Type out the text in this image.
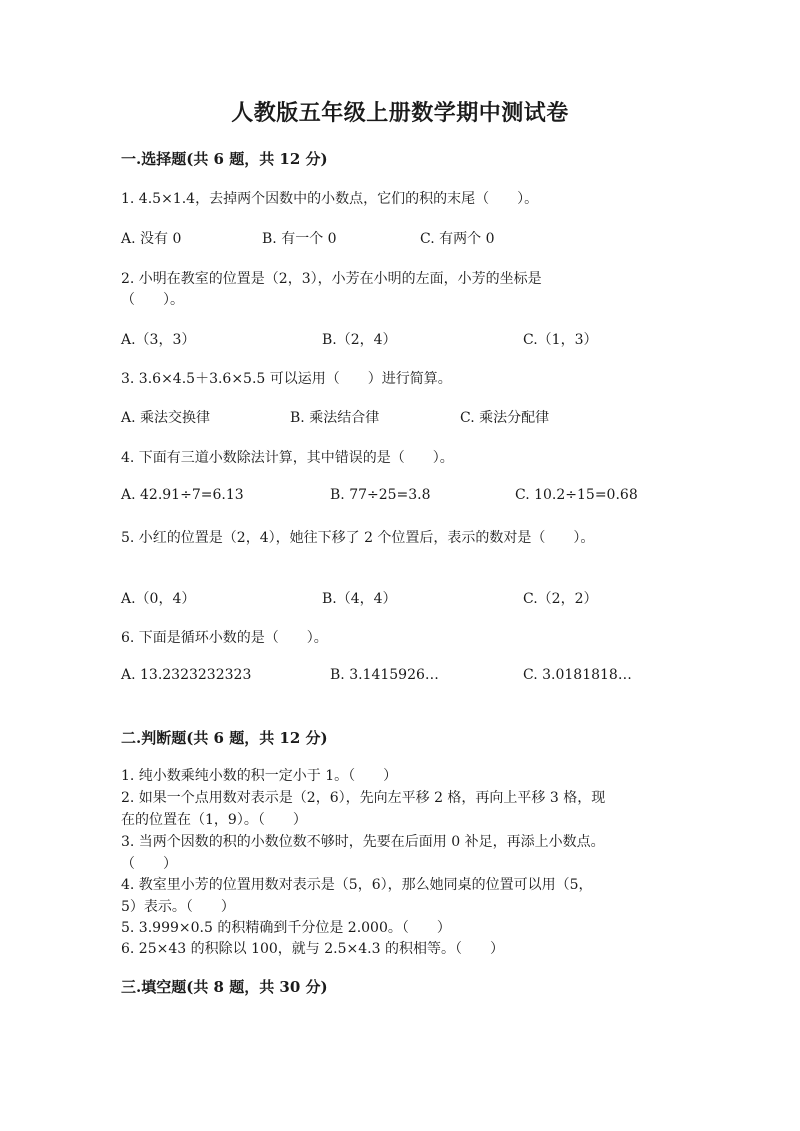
人教版五年级上册数学期中测试卷
一.选择题(共 6 题，共 12 分)
1. 4.5×1.4，去掉两个因数中的小数点，它们的积的末尾（　　）。
A. 没有 0	B. 有一个 0	C. 有两个 0
2. 小明在教室的位置是（2，3），小芳在小明的左面，小芳的坐标是
（　　）。
A.（3，3）	B.（2，4）	C.（1，3）
3. 3.6×4.5＋3.6×5.5 可以运用（　　）进行简算。
A. 乘法交换律	B. 乘法结合律	C. 乘法分配律
4. 下面有三道小数除法计算，其中错误的是（　　）。
A. 42.91÷7=6.13	B. 77÷25=3.8	C. 10.2÷15=0.68
5. 小红的位置是（2，4），她往下移了 2 个位置后，表示的数对是（　　）。
A.（0，4）	B.（4，4）	C.（2，2）
6. 下面是循环小数的是（　　）。
A. 13.2323232323	B. 3.1415926…	C. 3.0181818…
二.判断题(共 6 题，共 12 分)
1. 纯小数乘纯小数的积一定小于 1。（　　）
2. 如果一个点用数对表示是（2，6），先向左平移 2 格，再向上平移 3 格，现
在的位置在（1，9）。（　　）
3. 当两个因数的积的小数位数不够时，先要在后面用 0 补足，再添上小数点。
（　　）
4. 教室里小芳的位置用数对表示是（5，6），那么她同桌的位置可以用（5，
5）表示。（　　）
5. 3.999×0.5 的积精确到千分位是 2.000。（　　）
6. 25×43 的积除以 100，就与 2.5×4.3 的积相等。（　　）
三.填空题(共 8 题，共 30 分)
